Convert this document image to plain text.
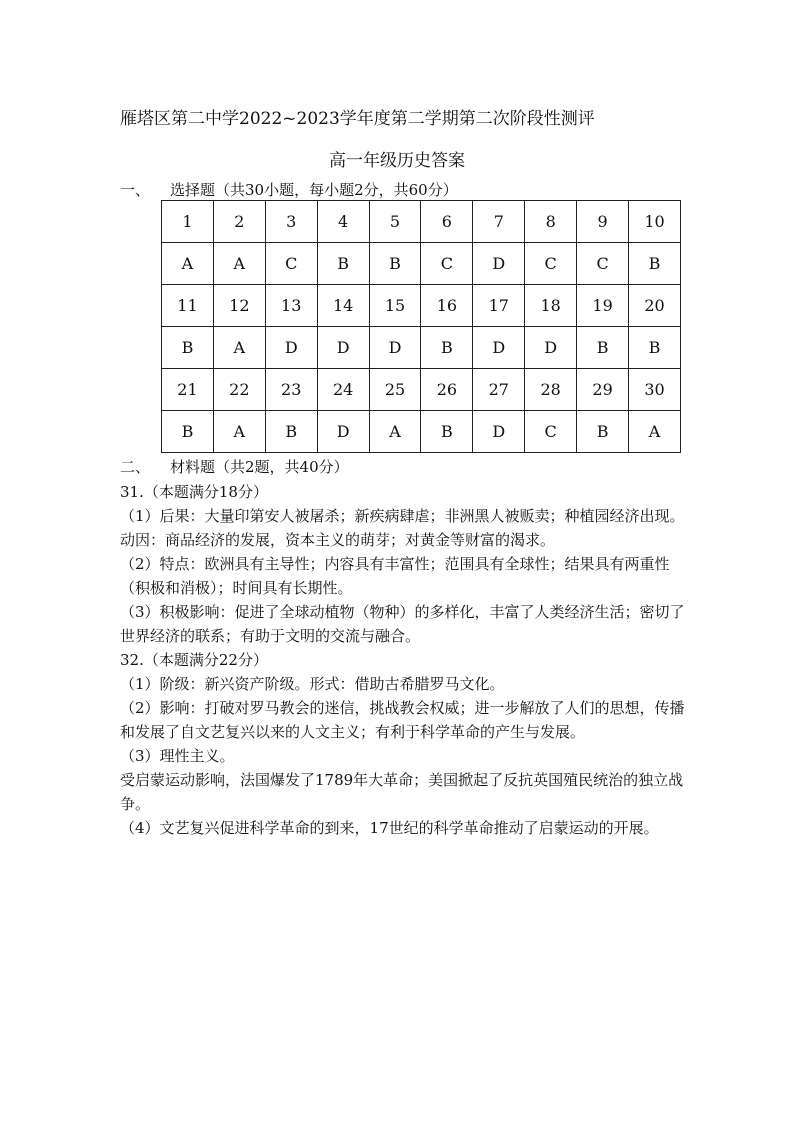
雁塔区第二中学2022~2023学年度第二学期第二次阶段性测评
高一年级历史答案
一、 选择题（共30小题，每小题2分，共60分）
1	2	3	4	5	6	7	8	9	10
A	A	C	B	B	C	D	C	C	B
11	12	13	14	15	16	17	18	19	20
B	A	D	D	D	B	D	D	B	B
21	22	23	24	25	26	27	28	29	30
B	A	B	D	A	B	D	C	B	A
二、 材料题（共2题，共40分）

31.（本题满分18分）

（1）后果：大量印第安人被屠杀；新疾病肆虐；非洲黑人被贩卖；种植园经济出现。动因：商品经济的发展，资本主义的萌芽；对黄金等财富的渴求。

（2）特点：欧洲具有主导性；内容具有丰富性；范围具有全球性；结果具有两重性（积极和消极）；时间具有长期性。

（3）积极影响：促进了全球动植物（物种）的多样化，丰富了人类经济生活；密切了世界经济的联系；有助于文明的交流与融合。

32.（本题满分22分）

（1）阶级：新兴资产阶级。形式：借助古希腊罗马文化。

（2）影响：打破对罗马教会的迷信，挑战教会权威；进一步解放了人们的思想，传播和发展了自文艺复兴以来的人文主义；有利于科学革命的产生与发展。

（3）理性主义。

受启蒙运动影响，法国爆发了1789年大革命；美国掀起了反抗英国殖民统治的独立战争。

（4）文艺复兴促进科学革命的到来，17世纪的科学革命推动了启蒙运动的开展。
